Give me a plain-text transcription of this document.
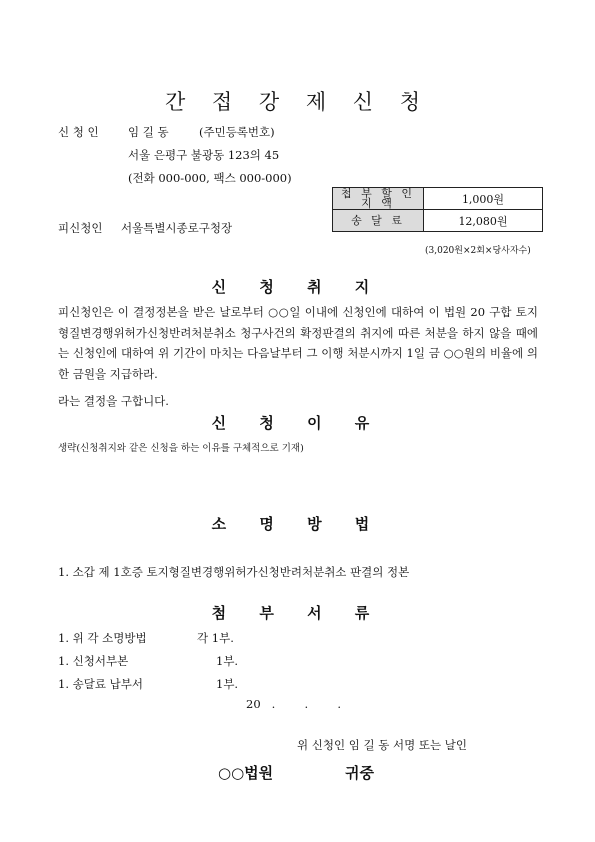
간 접 강 제 신 청
신 청 인	임 길 동	(주민등록번호)
서울 은평구 불광동 123의 45
(전화 000-000, 팩스 000-000)
첩 부 할 인 지 액	1,000원
송 달 료	12,080원
(3,020원×2회×당사자수)
피신청인 서울특별시종로구청장
신 청 취 지
피신청인은 이 결정정본을 받은 날로부터 ○○일 이내에 신청인에 대하여 이 법원 20 구합 토지형질변경행위허가신청반려처분취소 청구사건의 확정판결의 취지에 따른 처분을 하지 않을 때에는 신청인에 대하여 위 기간이 마치는 다음날부터 그 이행 처분시까지 1일 금 ○○원의 비율에 의한 금원을 지급하라.
라는 결정을 구합니다.
신 청 이 유
생략(신청취지와 같은 신청을 하는 이유를 구체적으로 기재)
소 명 방 법
1. 소갑 제 1호증 토지형질변경행위허가신청반려처분취소 판결의 정본
첨 부 서 류
1. 위 각 소명방법	각 1부.
1. 신청서부본	1부.
1. 송달료 납부서	1부.
20   .        .        .
위 신청인 임 길 동 서명 또는 날인
○○법원	귀중
